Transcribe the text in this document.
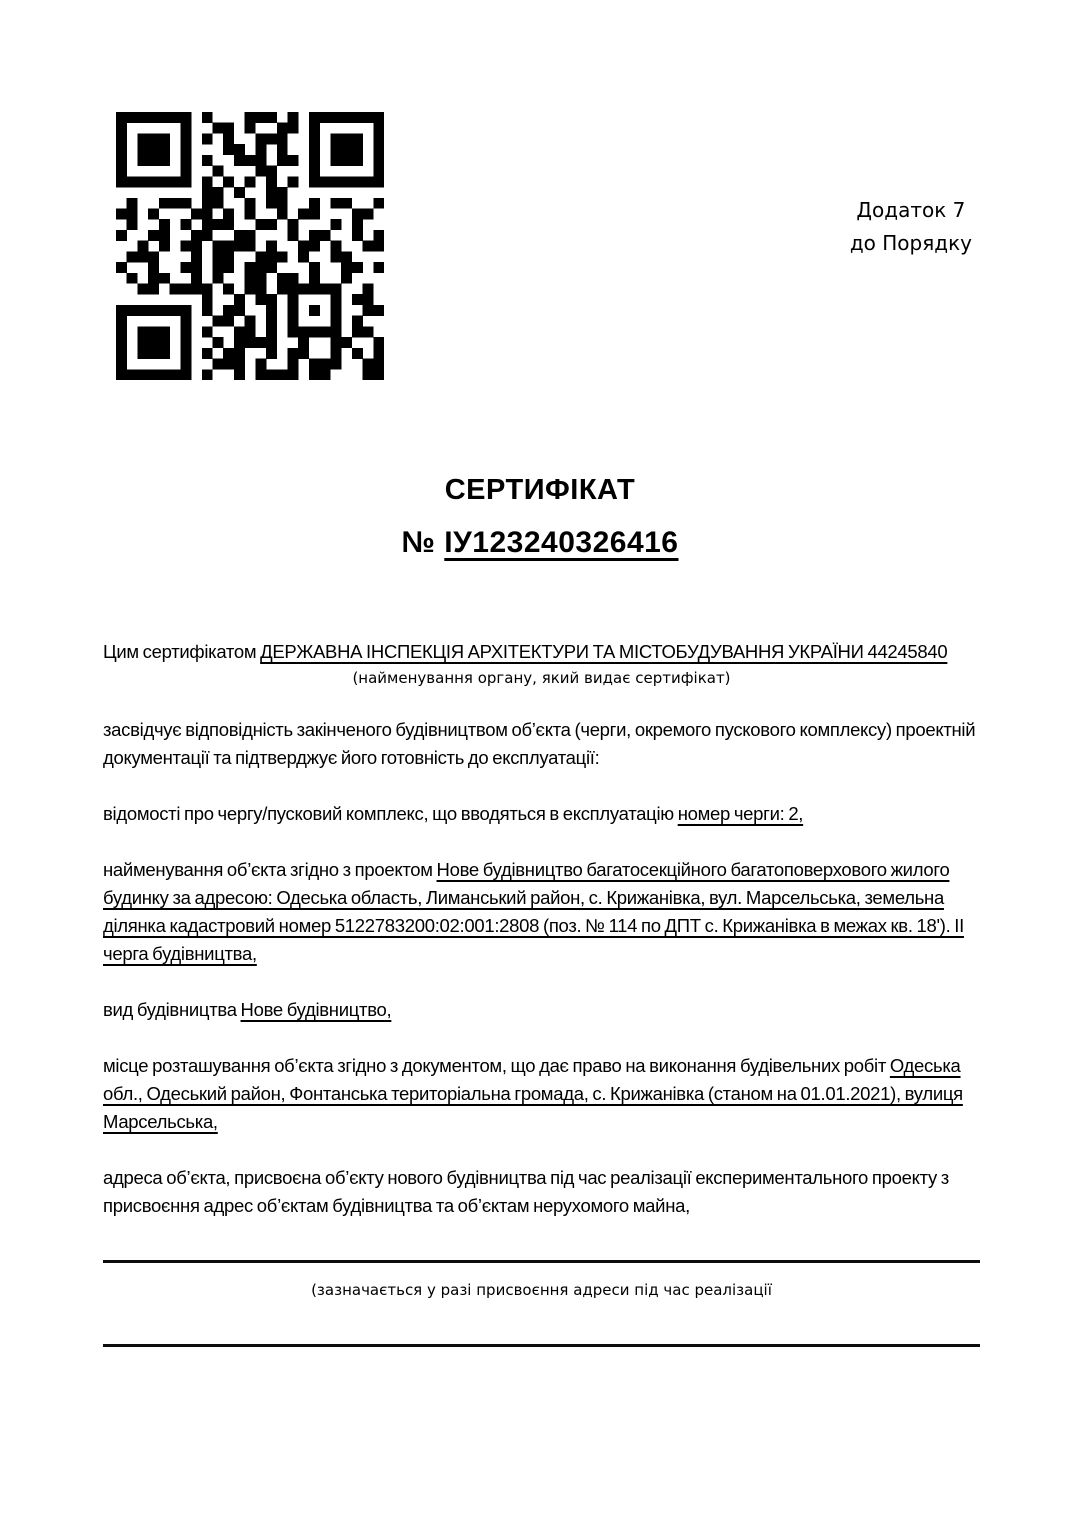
Додаток 7
до Порядку
СЕРТИФІКАТ
№ ІУ123240326416

Цим сертифікатом ДЕРЖАВНА ІНСПЕКЦІЯ АРХІТЕКТУРИ ТА МІСТОБУДУВАННЯ УКРАЇНИ 44245840

(найменування органу, який видає сертифікат)

засвідчує відповідність закінченого будівництвом об’єкта (черги, окремого пускового комплексу) проектній документації та підтверджує його готовність до експлуатації:

відомості про чергу/пусковий комплекс, що вводяться в експлуатацію номер черги: 2,

найменування об’єкта згідно з проектом Нове будівництво багатосекційного багатоповерхового жилого будинку за адресою: Одеська область, Лиманський район, с. Крижанівка, вул. Марсельська, земельна ділянка кадастровий номер 5122783200:02:001:2808 (поз. № 114 по ДПТ с. Крижанівка в межах кв. 18'). ІІ черга будівництва,

вид будівництва Нове будівництво,

місце розташування об’єкта згідно з документом, що дає право на виконання будівельних робіт Одеська обл., Одеський район, Фонтанська територіальна громада, с. Крижанівка (станом на 01.01.2021), вулиця Марсельська,

адреса об’єкта, присвоєна об’єкту нового будівництва під час реалізації експериментального проекту з присвоєння адрес об’єктам будівництва та об’єктам нерухомого майна,

(зазначається у разі присвоєння адреси під час реалізації
